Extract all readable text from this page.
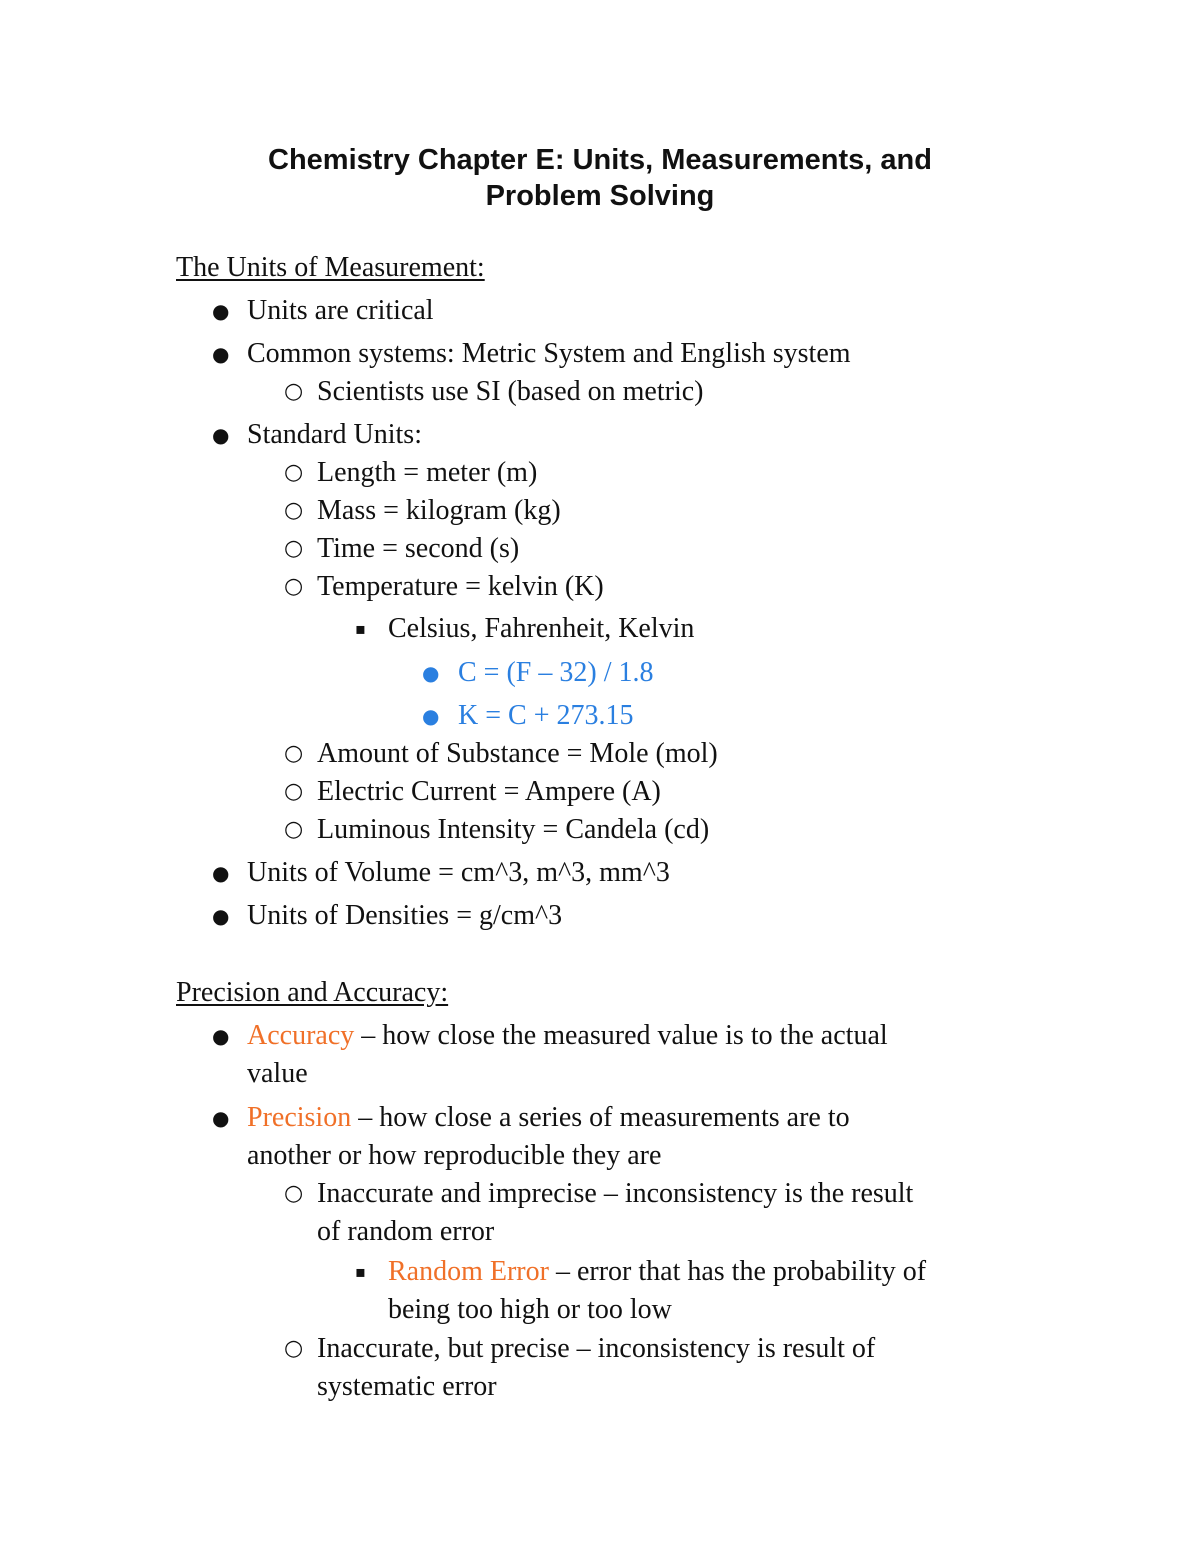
Chemistry Chapter E: Units, Measurements, and
Problem Solving
The Units of Measurement:
● Units are critical
● Common systems: Metric System and English system
○ Scientists use SI (based on metric)
● Standard Units:
○ Length = meter (m)
○ Mass = kilogram (kg)
○ Time = second (s)
○ Temperature = kelvin (K)
▪ Celsius, Fahrenheit, Kelvin
● C = (F – 32) / 1.8
● K = C + 273.15
○ Amount of Substance = Mole (mol)
○ Electric Current = Ampere (A)
○ Luminous Intensity = Candela (cd)
● Units of Volume = cm^3, m^3, mm^3
● Units of Densities = g/cm^3
Precision and Accuracy:
● Accuracy – how close the measured value is to the actual
value
● Precision – how close a series of measurements are to
another or how reproducible they are
○ Inaccurate and imprecise – inconsistency is the result
of random error
▪ Random Error – error that has the probability of
being too high or too low
○ Inaccurate, but precise – inconsistency is result of
systematic error
